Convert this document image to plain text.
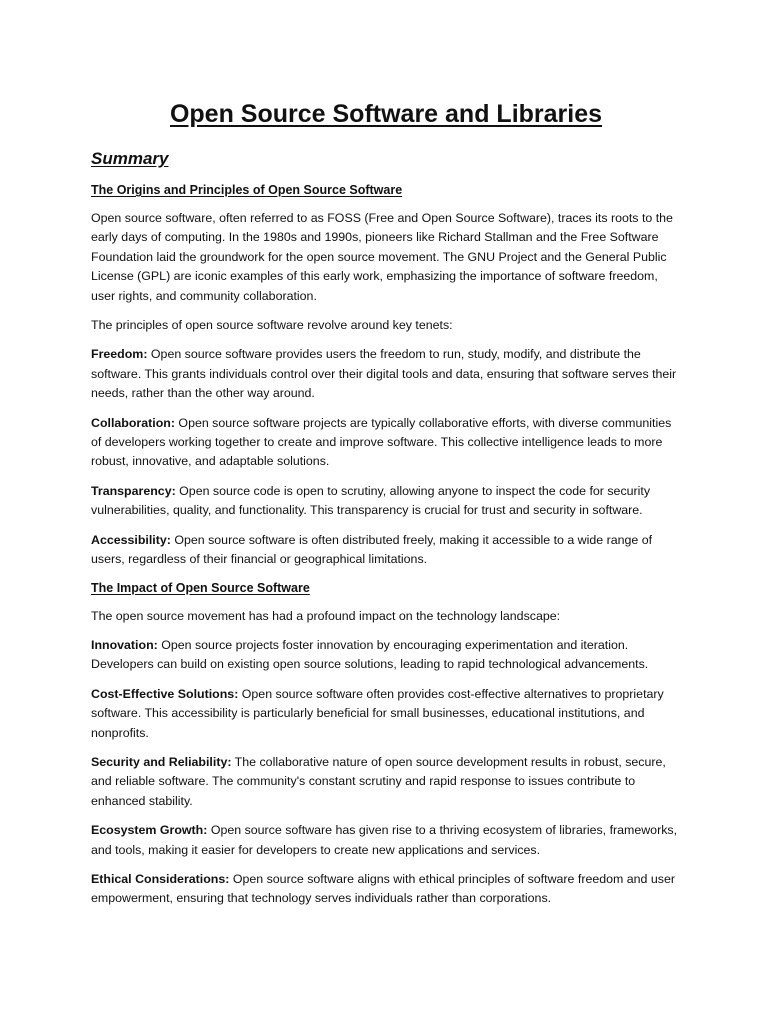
Open Source Software and Libraries
Summary
The Origins and Principles of Open Source Software

Open source software, often referred to as FOSS (Free and Open Source Software), traces its roots to the early days of computing. In the 1980s and 1990s, pioneers like Richard Stallman and the Free Software Foundation laid the groundwork for the open source movement. The GNU Project and the General Public License (GPL) are iconic examples of this early work, emphasizing the importance of software freedom, user rights, and community collaboration.

The principles of open source software revolve around key tenets:

Freedom: Open source software provides users the freedom to run, study, modify, and distribute the software. This grants individuals control over their digital tools and data, ensuring that software serves their needs, rather than the other way around.

Collaboration: Open source software projects are typically collaborative efforts, with diverse communities of developers working together to create and improve software. This collective intelligence leads to more robust, innovative, and adaptable solutions.

Transparency: Open source code is open to scrutiny, allowing anyone to inspect the code for security vulnerabilities, quality, and functionality. This transparency is crucial for trust and security in software.

Accessibility: Open source software is often distributed freely, making it accessible to a wide range of users, regardless of their financial or geographical limitations.

The Impact of Open Source Software

The open source movement has had a profound impact on the technology landscape:

Innovation: Open source projects foster innovation by encouraging experimentation and iteration. Developers can build on existing open source solutions, leading to rapid technological advancements.

Cost-Effective Solutions: Open source software often provides cost-effective alternatives to proprietary software. This accessibility is particularly beneficial for small businesses, educational institutions, and nonprofits.

Security and Reliability: The collaborative nature of open source development results in robust, secure, and reliable software. The community's constant scrutiny and rapid response to issues contribute to enhanced stability.

Ecosystem Growth: Open source software has given rise to a thriving ecosystem of libraries, frameworks, and tools, making it easier for developers to create new applications and services.

Ethical Considerations: Open source software aligns with ethical principles of software freedom and user empowerment, ensuring that technology serves individuals rather than corporations.
